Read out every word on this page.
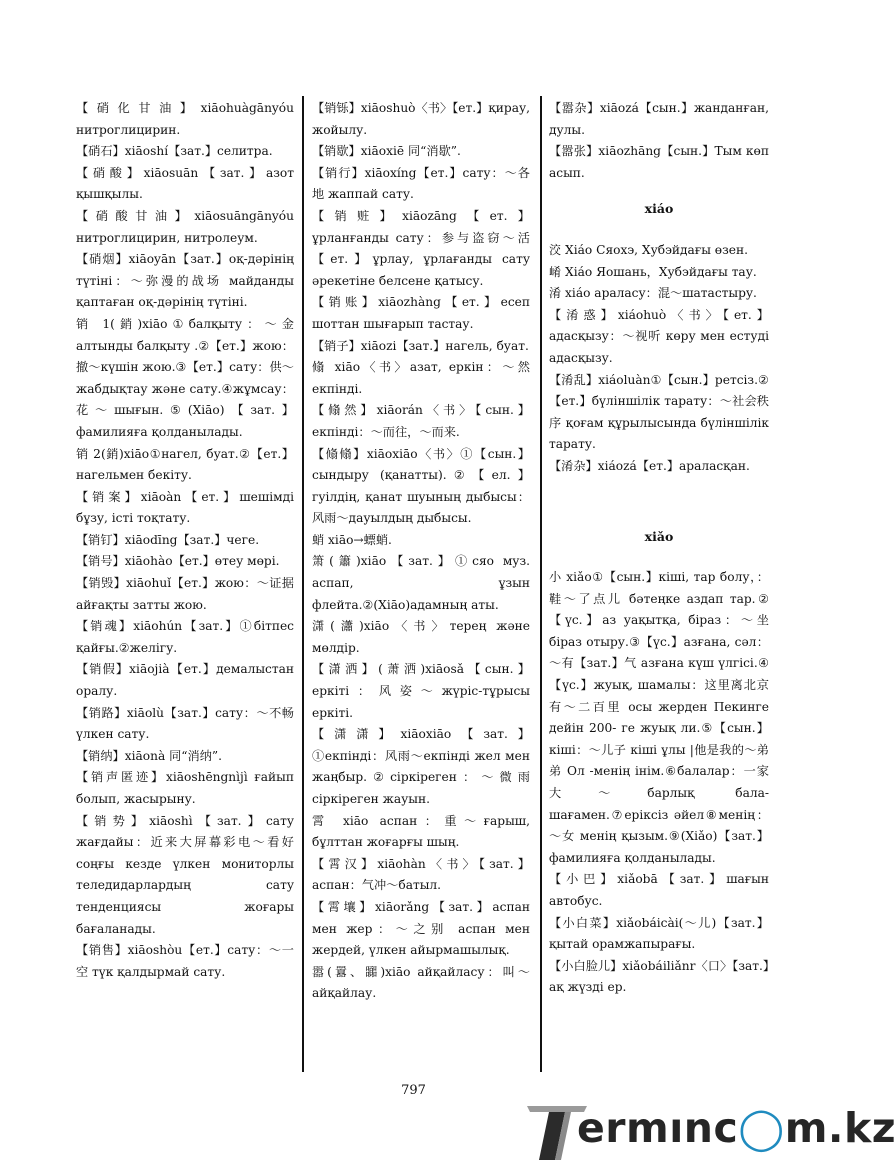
【硝化甘油】xiāohuàgānyóu нитроглицирин.

【硝石】xiāoshí【зат.】селитра.

【硝酸】xiāosuān【зат.】азот қышқылы.

【硝酸甘油】xiāosuāngānyóu нитроглицирин, нитролеум.

【硝烟】xiāoyān【зат.】оқ-дәрінің түтіні：～弥漫的战场 майданды қаптаған оқ-дәрінің түтіні.

销 1(銷)xiāo①балқыту：～金 алтынды балқыту .②【ет.】жою：撤～күшін жою.③【ет.】сату：供～жабдықтау және сату.④жұмсау：花～шығын.⑤(Xiāo)【зат.】фамилияға қолданылады.

销 2(銷)xiāo①нагел, буат.②【ет.】нагельмен бекіту.

【销案】xiāoàn【ет.】шешімді бұзу, істі тоқтату.

【销钉】xiāodīng【зат.】чеге.

【销号】xiāohào【ет.】өтеу мөрі.

【销毁】xiāohuǐ【ет.】жою：～证据 айғақты затты жою.

【销魂】xiāohún【зат.】①бітпес қайғы.②желігу.

【销假】xiāojià【ет.】демалыстан оралу.

【销路】xiāolù【зат.】сату：～不畅 үлкен сату.

【销纳】xiāonà 同“消纳”.

【销声匿迹】xiāoshēngnìjì ғайып болып, жасырыну.

【销势】xiāoshì【зат.】сату жағдайы：近来大屏幕彩电～看好 соңғы кезде үлкен мониторлы теледидарлардың сату тенденциясы жоғары бағаланады.

【销售】xiāoshòu【ет.】сату：～一空 түк қалдырмай сату.

【销铄】xiāoshuò〈书〉【ет.】қирау, жойылу.

【销歇】xiāoxiē 同“消歇”.

【销行】xiāoxíng【ет.】сату：～各地 жаппай сату.

【销赃】xiāozāng【ет.】ұрланғанды сату：参与盗窃～活【ет.】ұрлау, ұрлағанды сату әрекетіне белсене қатысу.

【销账】xiāozhàng【ет.】есеп шоттан шығарып тастау.

【销子】xiāozi【зат.】нагель, буат.

翛 xiāo〈书〉азат, еркін：～然 екпінді.

【翛然】xiāorán〈书〉【сын.】екпінді：～而往，～而来.

【翛翛】xiāoxiāo〈书〉①【сын.】сындыру (қанатты).②【ел.】гуілдің, қанат шуының дыбысы：风雨～дауылдың дыбысы.

蛸 xiāo→螵蛸.

箫(簫)xiāo【зат.】①сяо муз. аспап, ұзын флейта.②(Xiāo)адамның аты.

潇(瀟)xiāo〈书〉терең және мөлдір.

【潇洒】(萧洒)xiāosǎ【сын.】еркіті：风姿～жүріс-тұрысы еркіті.

【潇潇】xiāoxiāo【зат.】①екпінді：风雨～екпінді жел мен жаңбыр.②сіркіреген：～微雨 сіркіреген жауын.

霄 xiāo аспан：重～ғарыш, бұлттан жоғарғы шың.

【霄汉】xiāohàn〈书〉【зат.】аспан：气冲～батыл.

【霄壤】xiāorǎng【зат.】аспан мен жер：～之别 аспан мен жердей, үлкен айырмашылық.

嚣(囂、嚻)xiāo айқайласу：叫～айқайлау.

【嚣杂】xiāozá【сын.】жанданған, дулы.

【嚣张】xiāozhāng【сын.】Тым көп асып.

xiáo

洨 Xiáo Сяохэ, Хубэйдағы өзен.

崤 Xiáo Яошань，Хубэйдағы тау.

淆 xiáo араласу：混～шатастыру.

【淆惑】xiáohuò〈书〉【ет.】адасқызу：～视听 көру мен естуді адасқызу.

【淆乱】xiáoluàn①【сын.】ретсіз.②【ет.】бүліншілік тарату：～社会秩序 қоғам құрылысында бүліншілік тарату.

【淆杂】xiáozá【ет.】араласқан.

xiǎo

小 xiǎo①【сын.】кіші, тар болу，：鞋～了点儿 бәтеңке аздап тар.②【үс.】аз уақытқа, біраз：～坐 біраз отыру.③【үс.】азғана, сәл：～有【зат.】气 азғана күш үлгісі.④【үс.】жуық, шамалы：这里离北京有～二百里 осы жерден Пекинге дейін 200- ге жуық ли.⑤【сын.】кіші：～儿子 кіші ұлы |他是我的～弟弟 Ол -менің інім.⑥балалар：一家大～барлық бала-шағамен.⑦еріксіз әйел⑧менің：～女 менің қызым.⑨(Xiǎo)【зат.】фамилияға қолданылады.

【小巴】xiǎobā【зат.】шағын автобус.

【小白菜】xiǎobáicài(～儿)【зат.】қытай орамжапырағы.

【小白脸儿】xiǎobáiliǎnr〈口〉【зат.】ақ жүзді ер.

797
ermınc◯m.kz
